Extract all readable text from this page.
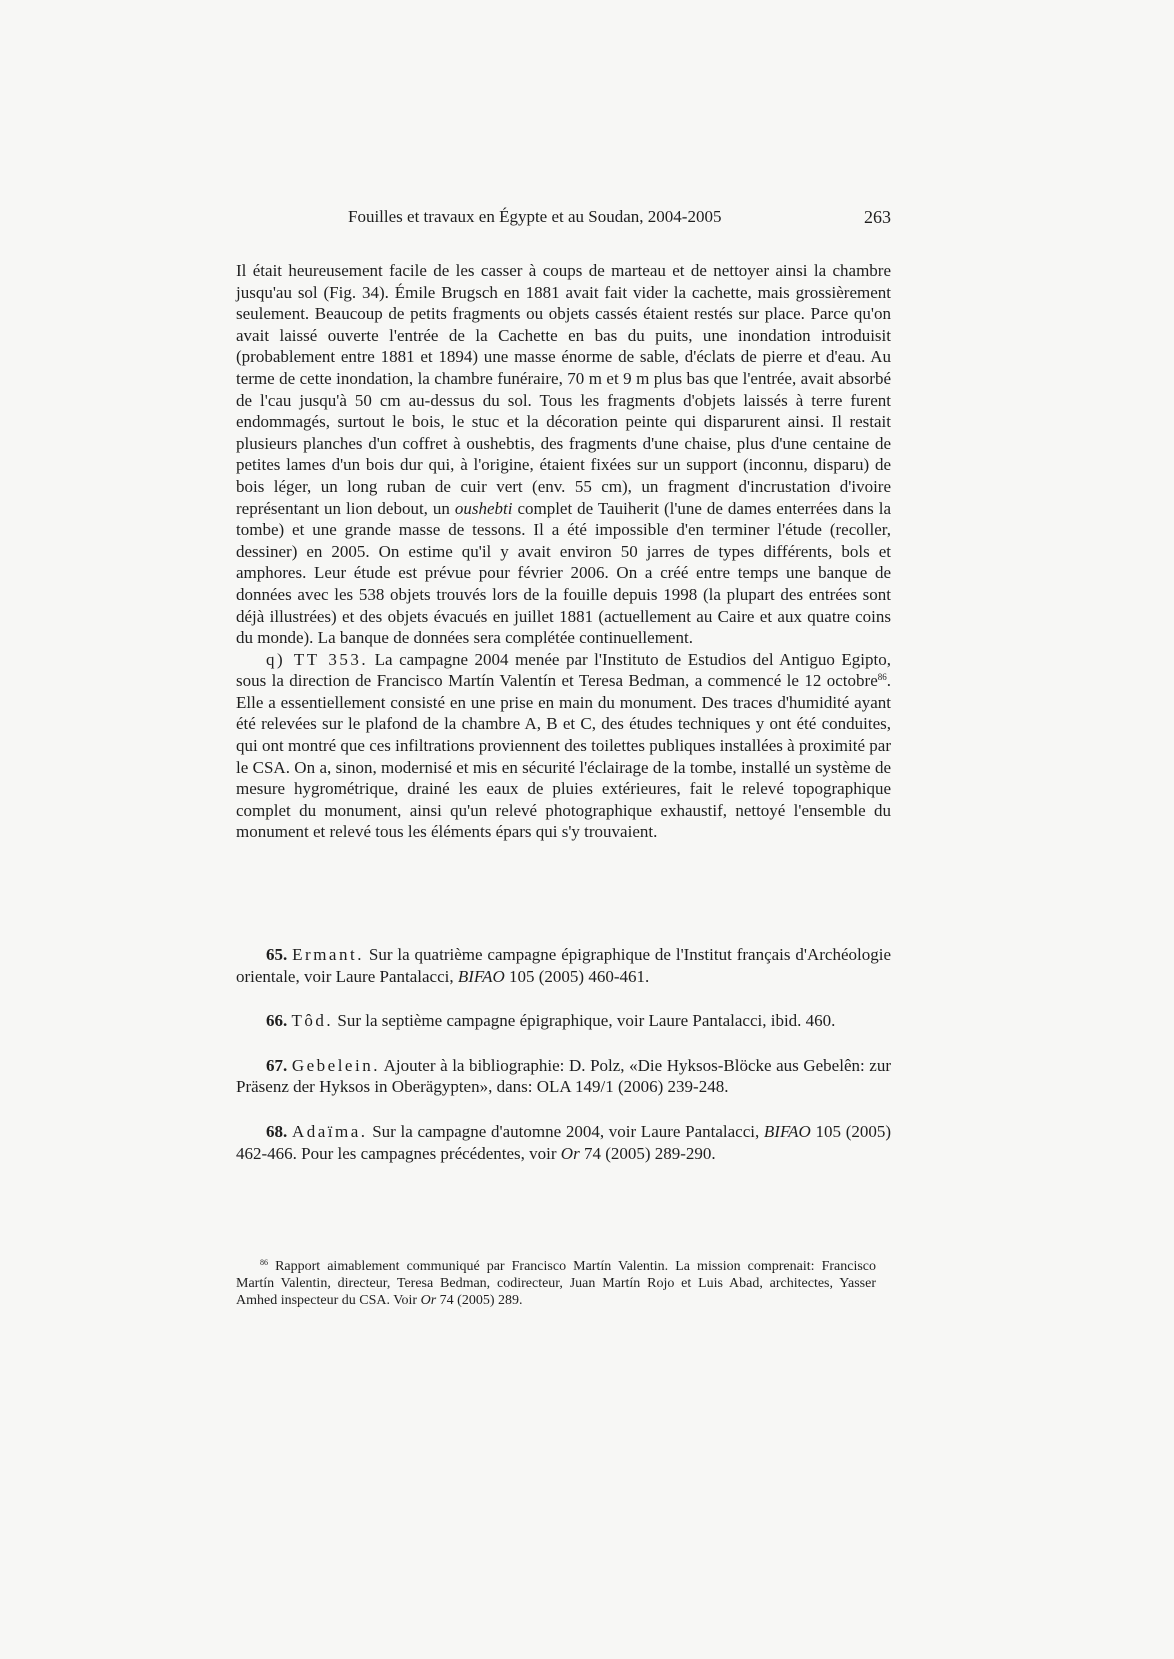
Fouilles et travaux en Égypte et au Soudan, 2004-2005	263

Il était heureusement facile de les casser à coups de marteau et de nettoyer ainsi la chambre jusqu'au sol (Fig. 34). Émile Brugsch en 1881 avait fait vider la cachette, mais grossièrement seulement. Beaucoup de petits fragments ou objets cassés étaient restés sur place. Parce qu'on avait laissé ouverte l'entrée de la Cachette en bas du puits, une inondation introduisit (probablement entre 1881 et 1894) une masse énorme de sable, d'éclats de pierre et d'eau. Au terme de cette inondation, la chambre funéraire, 70 m et 9 m plus bas que l'entrée, avait absorbé de l'cau jusqu'à 50 cm au-dessus du sol. Tous les fragments d'objets laissés à terre furent endommagés, surtout le bois, le stuc et la décoration peinte qui disparurent ainsi. Il restait plusieurs planches d'un coffret à oushebtis, des fragments d'une chaise, plus d'une centaine de petites lames d'un bois dur qui, à l'origine, étaient fixées sur un support (inconnu, disparu) de bois léger, un long ruban de cuir vert (env. 55 cm), un fragment d'incrustation d'ivoire représentant un lion debout, un oushebti complet de Tauiherit (l'une de dames enterrées dans la tombe) et une grande masse de tessons. Il a été impossible d'en terminer l'étude (recoller, dessiner) en 2005. On estime qu'il y avait environ 50 jarres de types différents, bols et amphores. Leur étude est prévue pour février 2006. On a créé entre temps une banque de données avec les 538 objets trouvés lors de la fouille depuis 1998 (la plupart des entrées sont déjà illustrées) et des objets évacués en juillet 1881 (actuellement au Caire et aux quatre coins du monde). La banque de données sera complétée continuellement.

q) TT 353. La campagne 2004 menée par l'Instituto de Estudios del Antiguo Egipto, sous la direction de Francisco Martín Valentín et Teresa Bedman, a commencé le 12 octobre$^{86}$. Elle a essentiellement consisté en une prise en main du monument. Des traces d'humidité ayant été relevées sur le plafond de la chambre A, B et C, des études techniques y ont été conduites, qui ont montré que ces infiltrations proviennent des toilettes publiques installées à proximité par le CSA. On a, sinon, modernisé et mis en sécurité l'éclairage de la tombe, installé un système de mesure hygrométrique, drainé les eaux de pluies extérieures, fait le relevé topographique complet du monument, ainsi qu'un relevé photographique exhaustif, nettoyé l'ensemble du monument et relevé tous les éléments épars qui s'y trouvaient.

65. Ermant. Sur la quatrième campagne épigraphique de l'Institut français d'Archéologie orientale, voir Laure Pantalacci, BIFAO 105 (2005) 460-461.

66. Tôd. Sur la septième campagne épigraphique, voir Laure Pantalacci, ibid. 460.

67. Gebelein. Ajouter à la bibliographie: D. Polz, «Die Hyksos-Blöcke aus Gebelên: zur Präsenz der Hyksos in Oberägypten», dans: OLA 149/1 (2006) 239-248.

68. Adaïma. Sur la campagne d'automne 2004, voir Laure Pantalacci, BIFAO 105 (2005) 462-466. Pour les campagnes précédentes, voir Or 74 (2005) 289-290.

$^{86}$ Rapport aimablement communiqué par Francisco Martín Valentin. La mission comprenait: Francisco Martín Valentin, directeur, Teresa Bedman, codirecteur, Juan Martín Rojo et Luis Abad, architectes, Yasser Amhed inspecteur du CSA. Voir Or 74 (2005) 289.
